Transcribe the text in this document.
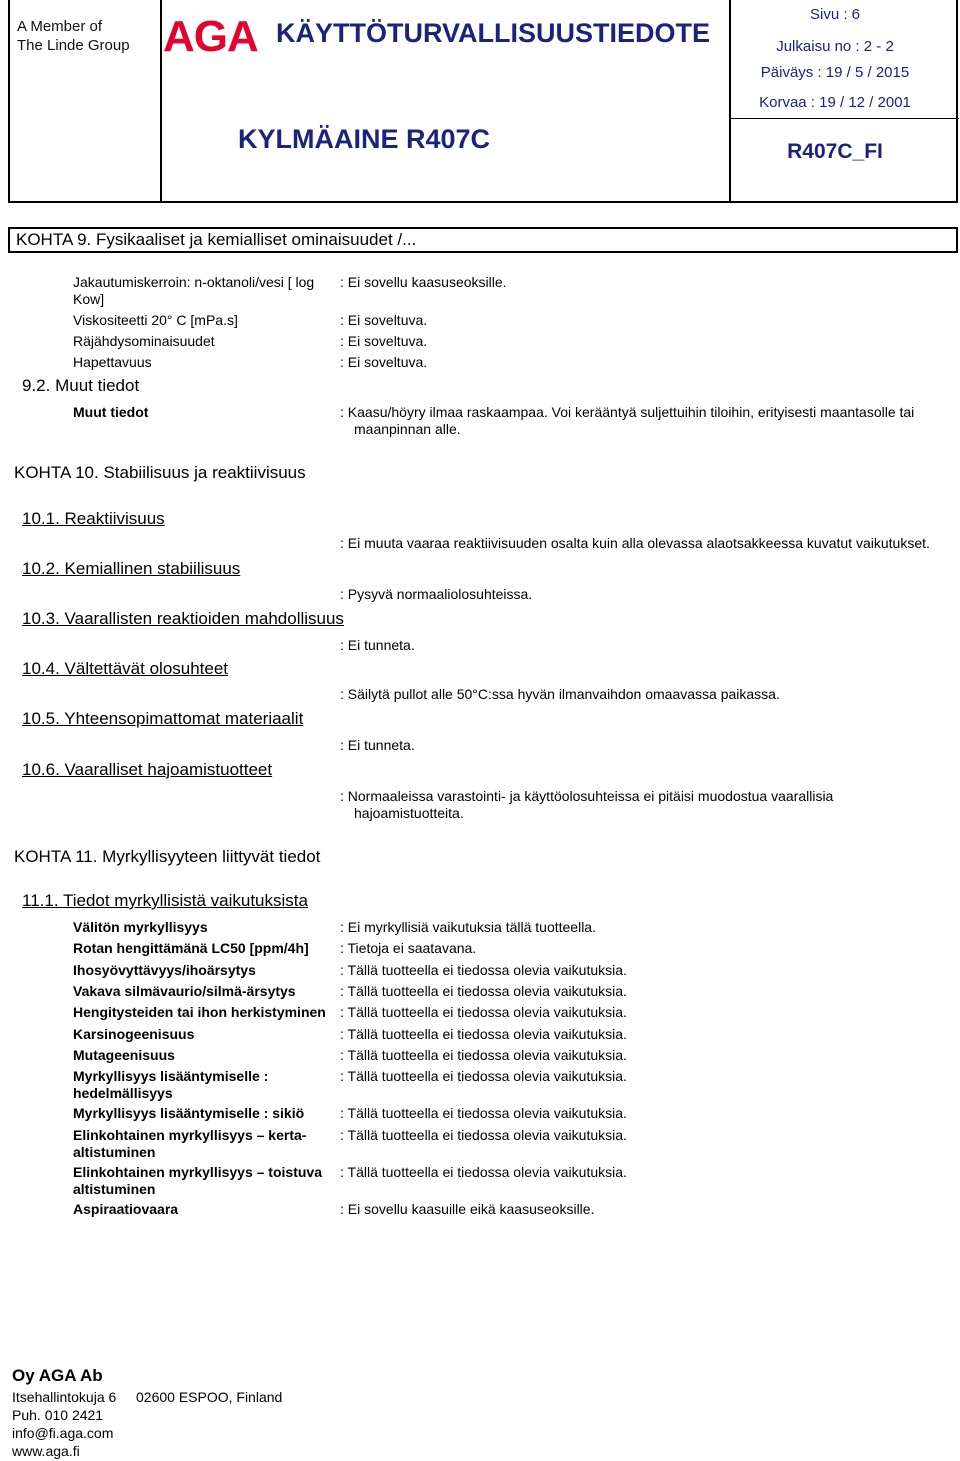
A Member of
The Linde Group AGA KÄYTTÖTURVALLISUUSTIEDOTE
KYLMÄAINE R407C
Sivu : 6
Julkaisu no : 2 - 2
Päiväys : 19 / 5 / 2015
Korvaa : 19 / 12 / 2001
R407C_FI
KOHTA 9. Fysikaaliset ja kemialliset ominaisuudet /...
Jakautumiskerroin: n-oktanoli/vesi [ log Kow]
: Ei sovellu kaasuseoksille.
Viskositeetti 20° C [mPa.s]	: Ei soveltuva.
Räjähdysominaisuudet	: Ei soveltuva.
Hapettavuus	: Ei soveltuva.
9.2. Muut tiedot
Muut tiedot	: Kaasu/höyry ilmaa raskaampaa. Voi kerääntyä suljettuihin tiloihin, erityisesti maantasolle tai maanpinnan alle.
KOHTA 10. Stabiilisuus ja reaktiivisuus
10.1. Reaktiivisuus
: Ei muuta vaaraa reaktiivisuuden osalta kuin alla olevassa alaotsakkeessa kuvatut vaikutukset.
10.2. Kemiallinen stabiilisuus
: Pysyvä normaaliolosuhteissa.
10.3. Vaarallisten reaktioiden mahdollisuus
: Ei tunneta.
10.4. Vältettävät olosuhteet
: Säilytä pullot alle 50°C:ssa hyvän ilmanvaihdon omaavassa paikassa.
10.5. Yhteensopimattomat materiaalit
: Ei tunneta.
10.6. Vaaralliset hajoamistuotteet
: Normaaleissa varastointi- ja käyttöolosuhteissa ei pitäisi muodostua vaarallisia hajoamistuotteita.
KOHTA 11. Myrkyllisyyteen liittyvät tiedot
11.1. Tiedot myrkyllisistä vaikutuksista
Välitön myrkyllisyys	: Ei myrkyllisiä vaikutuksia tällä tuotteella.
Rotan hengittämänä LC50 [ppm/4h]	: Tietoja ei saatavana.
Ihosyövyttävyys/ihoärsytys	: Tällä tuotteella ei tiedossa olevia vaikutuksia.
Vakava silmävaurio/silmä-ärsytys	: Tällä tuotteella ei tiedossa olevia vaikutuksia.
Hengitysteiden tai ihon herkistyminen	: Tällä tuotteella ei tiedossa olevia vaikutuksia.
Karsinogeenisuus	: Tällä tuotteella ei tiedossa olevia vaikutuksia.
Mutageenisuus	: Tällä tuotteella ei tiedossa olevia vaikutuksia.
Myrkyllisyys lisääntymiselle : hedelmällisyys
: Tällä tuotteella ei tiedossa olevia vaikutuksia.
Myrkyllisyys lisääntymiselle : sikiö	: Tällä tuotteella ei tiedossa olevia vaikutuksia.
Elinkohtainen myrkyllisyys – kerta-altistuminen
: Tällä tuotteella ei tiedossa olevia vaikutuksia.
Elinkohtainen myrkyllisyys – toistuva altistuminen
: Tällä tuotteella ei tiedossa olevia vaikutuksia.
Aspiraatiovaara	: Ei sovellu kaasuille eikä kaasuseoksille.
Oy AGA Ab
Itsehallintokuja 6 02600 ESPOO, Finland
Puh. 010 2421
info@fi.aga.com
www.aga.fi
